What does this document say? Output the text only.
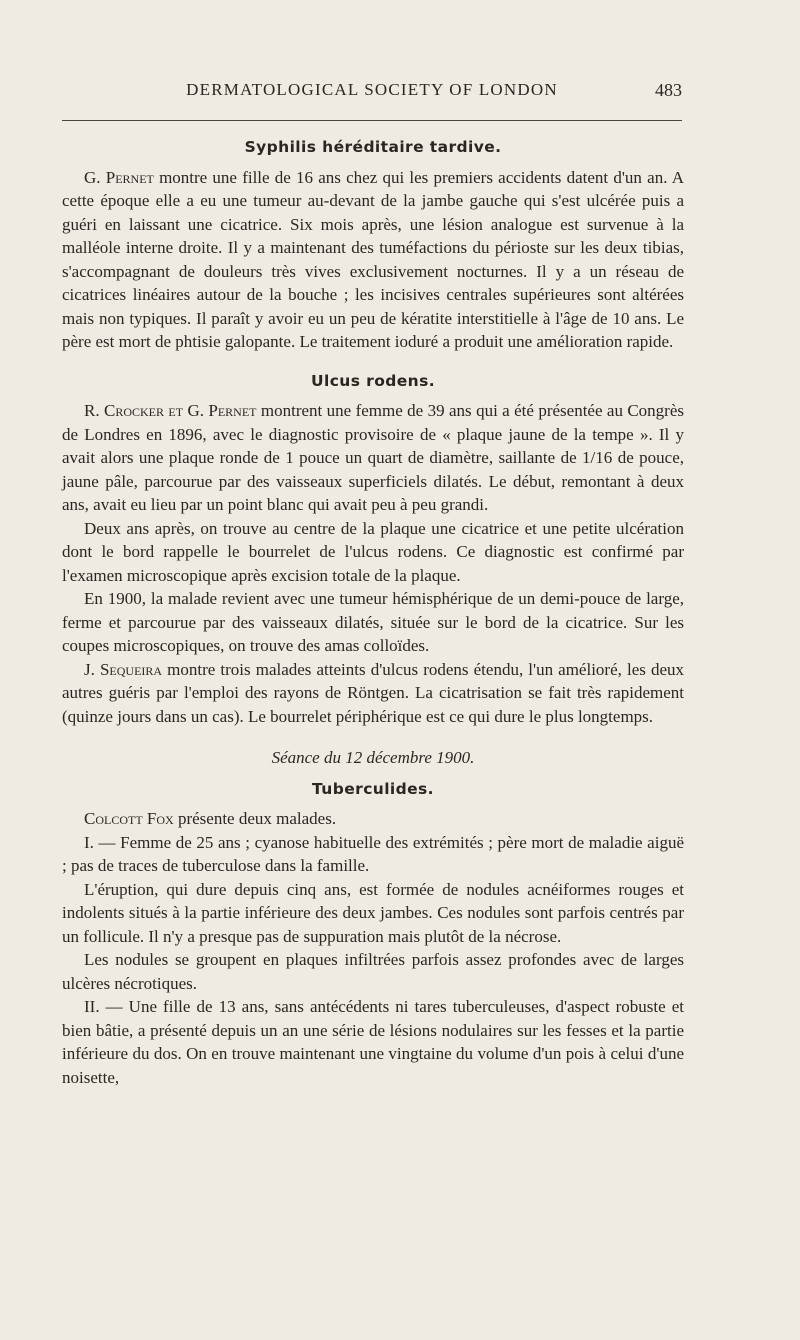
DERMATOLOGICAL SOCIETY OF LONDON	483
Syphilis héréditaire tardive.

G. Pernet montre une fille de 16 ans chez qui les premiers accidents datent d'un an. A cette époque elle a eu une tumeur au-devant de la jambe gauche qui s'est ulcérée puis a guéri en laissant une cicatrice. Six mois après, une lésion analogue est survenue à la malléole interne droite. Il y a maintenant des tuméfactions du périoste sur les deux tibias, s'accompagnant de douleurs très vives exclusivement nocturnes. Il y a un réseau de cicatrices linéaires autour de la bouche ; les incisives centrales supérieures sont altérées mais non typiques. Il paraît y avoir eu un peu de kératite interstitielle à l'âge de 10 ans. Le père est mort de phtisie galopante. Le traitement ioduré a produit une amélioration rapide.

Ulcus rodens.

R. Crocker et G. Pernet montrent une femme de 39 ans qui a été présentée au Congrès de Londres en 1896, avec le diagnostic provisoire de « plaque jaune de la tempe ». Il y avait alors une plaque ronde de 1 pouce un quart de diamètre, saillante de 1/16 de pouce, jaune pâle, parcourue par des vaisseaux superficiels dilatés. Le début, remontant à deux ans, avait eu lieu par un point blanc qui avait peu à peu grandi.

Deux ans après, on trouve au centre de la plaque une cicatrice et une petite ulcération dont le bord rappelle le bourrelet de l'ulcus rodens. Ce diagnostic est confirmé par l'examen microscopique après excision totale de la plaque.

En 1900, la malade revient avec une tumeur hémisphérique de un demi-pouce de large, ferme et parcourue par des vaisseaux dilatés, située sur le bord de la cicatrice. Sur les coupes microscopiques, on trouve des amas colloïdes.

J. Sequeira montre trois malades atteints d'ulcus rodens étendu, l'un amélioré, les deux autres guéris par l'emploi des rayons de Röntgen. La cicatrisation se fait très rapidement (quinze jours dans un cas). Le bourrelet périphérique est ce qui dure le plus longtemps.

Séance du 12 décembre 1900.
Tuberculides.

Colcott Fox présente deux malades.

I. — Femme de 25 ans ; cyanose habituelle des extrémités ; père mort de maladie aiguë ; pas de traces de tuberculose dans la famille.

L'éruption, qui dure depuis cinq ans, est formée de nodules acnéiformes rouges et indolents situés à la partie inférieure des deux jambes. Ces nodules sont parfois centrés par un follicule. Il n'y a presque pas de suppuration mais plutôt de la nécrose.

Les nodules se groupent en plaques infiltrées parfois assez profondes avec de larges ulcères nécrotiques.

II. — Une fille de 13 ans, sans antécédents ni tares tuberculeuses, d'aspect robuste et bien bâtie, a présenté depuis un an une série de lésions nodulaires sur les fesses et la partie inférieure du dos. On en trouve maintenant une vingtaine du volume d'un pois à celui d'une noisette,
